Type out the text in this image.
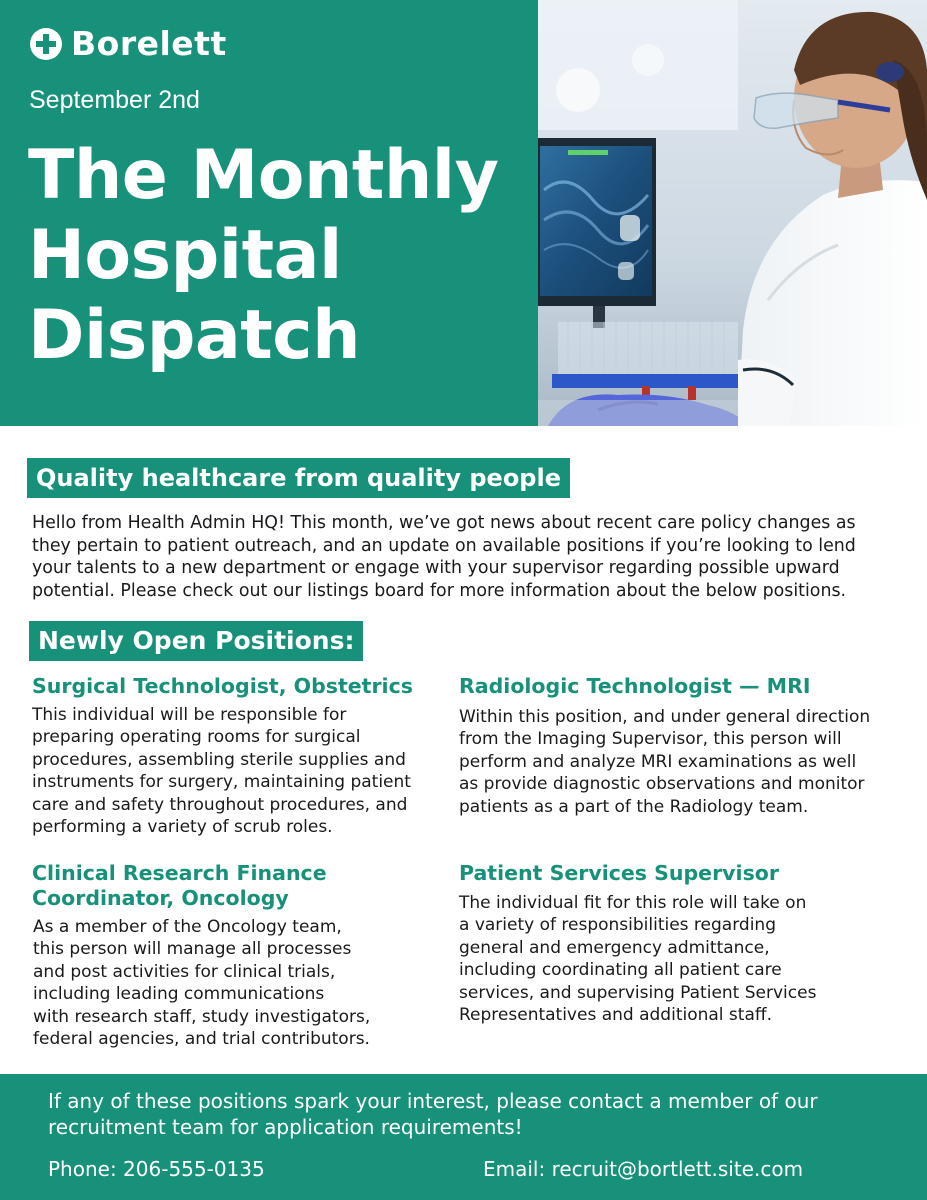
Borelett
September 2nd
The Monthly
Hospital
Dispatch
Quality healthcare from quality people
Hello from Health Admin HQ! This month, we’ve got news about recent care policy changes as
they pertain to patient outreach, and an update on available positions if you’re looking to lend
your talents to a new department or engage with your supervisor regarding possible upward
potential. Please check out our listings board for more information about the below positions.
Newly Open Positions:
Surgical Technologist, Obstetrics
This individual will be responsible for
preparing operating rooms for surgical
procedures, assembling sterile supplies and
instruments for surgery, maintaining patient
care and safety throughout procedures, and
performing a variety of scrub roles.
Radiologic Technologist — MRI
Within this position, and under general direction
from the Imaging Supervisor, this person will
perform and analyze MRI examinations as well
as provide diagnostic observations and monitor
patients as a part of the Radiology team.
Clinical Research Finance
Coordinator, Oncology
As a member of the Oncology team,
this person will manage all processes
and post activities for clinical trials,
including leading communications
with research staff, study investigators,
federal agencies, and trial contributors.
Patient Services Supervisor
The individual fit for this role will take on
a variety of responsibilities regarding
general and emergency admittance,
including coordinating all patient care
services, and supervising Patient Services
Representatives and additional staff.
If any of these positions spark your interest, please contact a member of our
recruitment team for application requirements!
Phone: 206-555-0135	Email: recruit@bortlett.site.com
